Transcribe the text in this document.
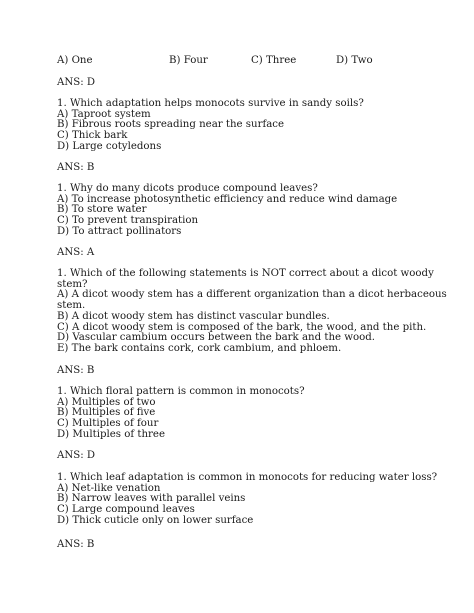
A) One	B) Four	C) Three	D) Two
ANS: D
1. Which adaptation helps monocots survive in sandy soils?
A) Taproot system
B) Fibrous roots spreading near the surface
C) Thick bark
D) Large cotyledons
ANS: B
1. Why do many dicots produce compound leaves?
A) To increase photosynthetic efficiency and reduce wind damage
B) To store water
C) To prevent transpiration
D) To attract pollinators
ANS: A
1. Which of the following statements is NOT correct about a dicot woody
stem?
A) A dicot woody stem has a different organization than a dicot herbaceous
stem.
B) A dicot woody stem has distinct vascular bundles.
C) A dicot woody stem is composed of the bark, the wood, and the pith.
D) Vascular cambium occurs between the bark and the wood.
E) The bark contains cork, cork cambium, and phloem.
ANS: B
1. Which floral pattern is common in monocots?
A) Multiples of two
B) Multiples of five
C) Multiples of four
D) Multiples of three
ANS: D
1. Which leaf adaptation is common in monocots for reducing water loss?
A) Net-like venation
B) Narrow leaves with parallel veins
C) Large compound leaves
D) Thick cuticle only on lower surface
ANS: B
